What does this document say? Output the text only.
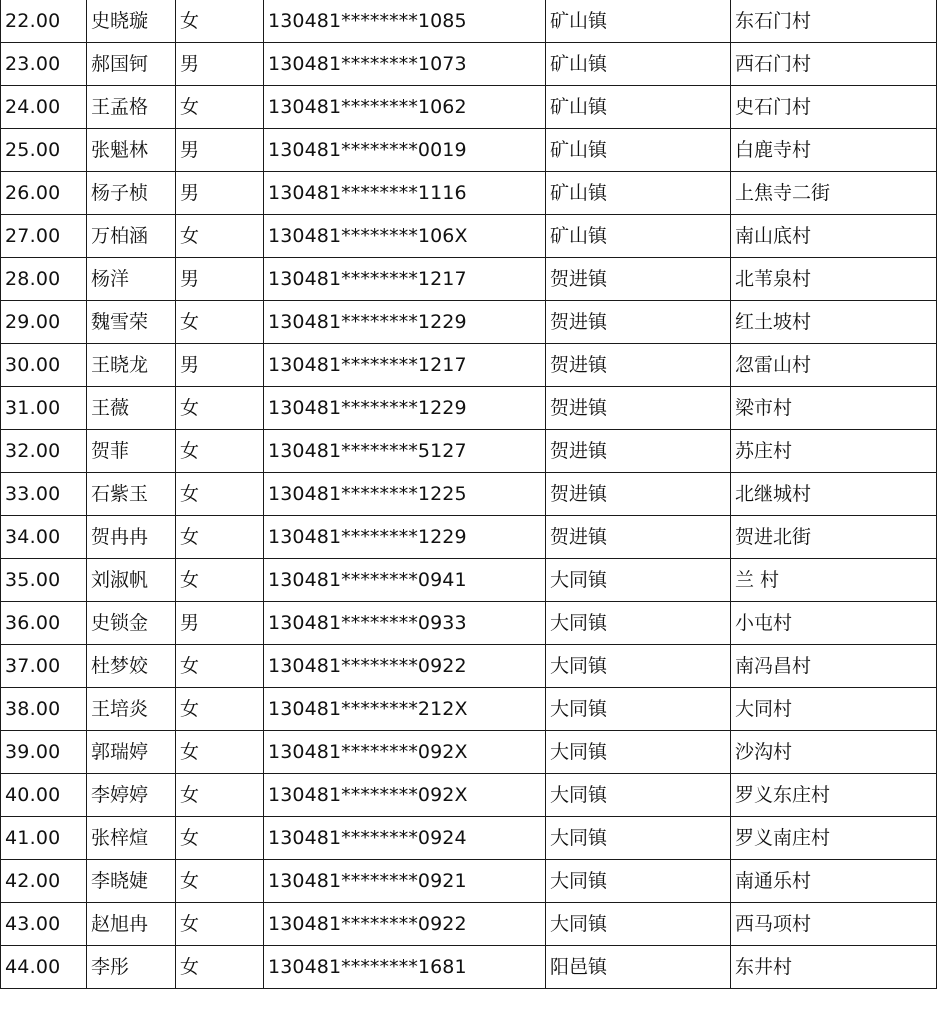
22.00	史晓璇	女	130481********1085	矿山镇	东石门村
23.00	郝国钶	男	130481********1073	矿山镇	西石门村
24.00	王孟格	女	130481********1062	矿山镇	史石门村
25.00	张魁林	男	130481********0019	矿山镇	白鹿寺村
26.00	杨子桢	男	130481********1116	矿山镇	上焦寺二街
27.00	万柏涵	女	130481********106X	矿山镇	南山底村
28.00	杨洋	男	130481********1217	贺进镇	北苇泉村
29.00	魏雪荣	女	130481********1229	贺进镇	红土坡村
30.00	王晓龙	男	130481********1217	贺进镇	忽雷山村
31.00	王薇	女	130481********1229	贺进镇	梁市村
32.00	贺菲	女	130481********5127	贺进镇	苏庄村
33.00	石紫玉	女	130481********1225	贺进镇	北继城村
34.00	贺冉冉	女	130481********1229	贺进镇	贺进北街
35.00	刘淑帆	女	130481********0941	大同镇	兰 村
36.00	史锁金	男	130481********0933	大同镇	小屯村
37.00	杜梦姣	女	130481********0922	大同镇	南冯昌村
38.00	王培炎	女	130481********212X	大同镇	大同村
39.00	郭瑞婷	女	130481********092X	大同镇	沙沟村
40.00	李婷婷	女	130481********092X	大同镇	罗义东庄村
41.00	张梓煊	女	130481********0924	大同镇	罗义南庄村
42.00	李晓婕	女	130481********0921	大同镇	南通乐村
43.00	赵旭冉	女	130481********0922	大同镇	西马项村
44.00	李彤	女	130481********1681	阳邑镇	东井村
